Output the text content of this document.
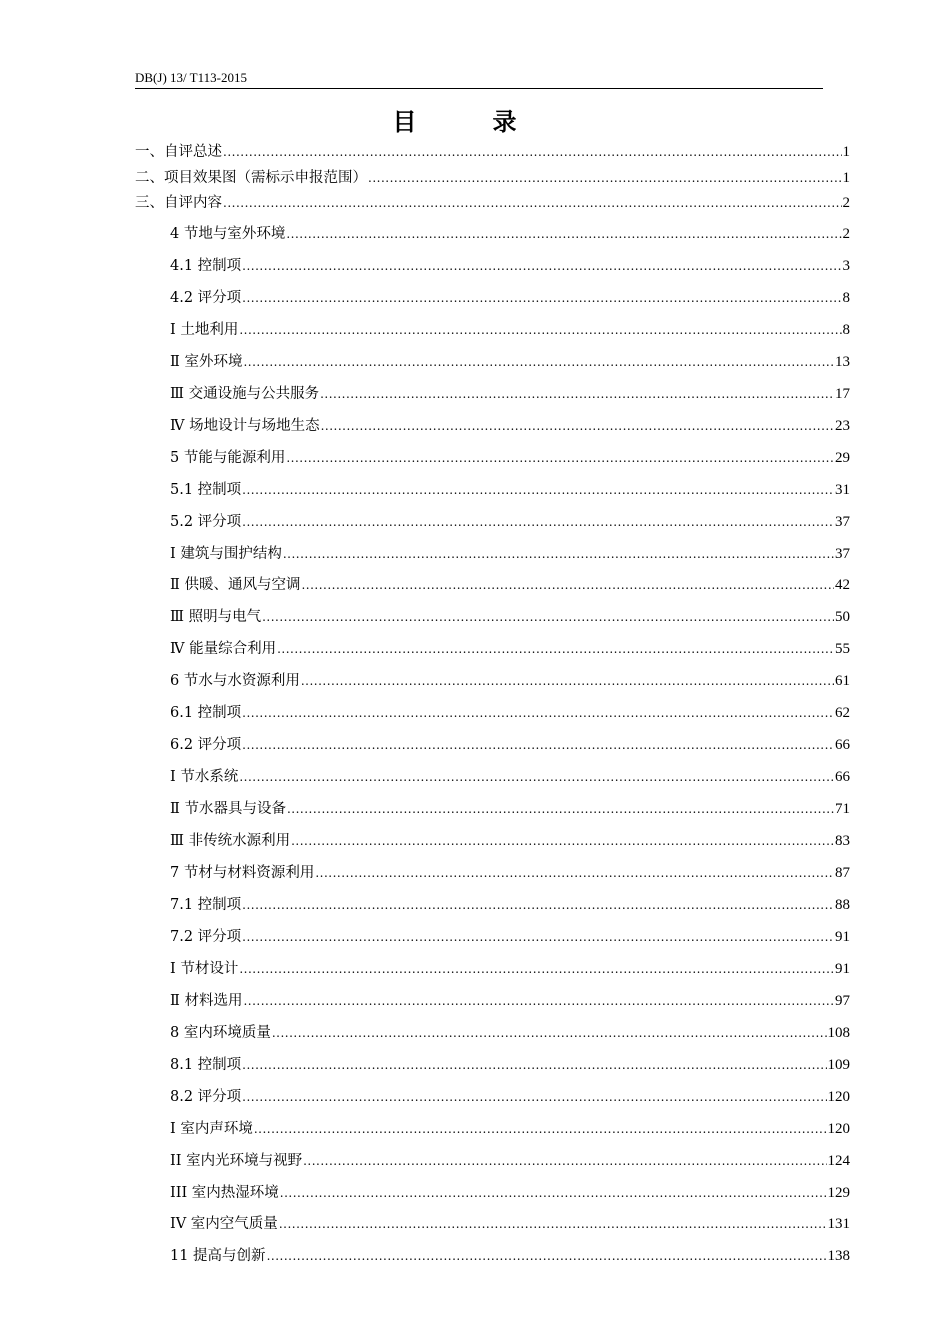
DB(J) 13/ T113-2015
目录
一、自评总述 .....	1
二、项目效果图（需标示申报范围） .....	1
三、自评内容 .....	2
4 节地与室外环境 .....	2
4.1 控制项 .....	3
4.2 评分项 .....	8
I 土地利用 .....	8
Ⅱ 室外环境 .....	13
Ⅲ 交通设施与公共服务 .....	17
Ⅳ 场地设计与场地生态 .....	23
5 节能与能源利用 .....	29
5.1 控制项 .....	31
5.2 评分项 .....	37
I 建筑与围护结构 .....	37
Ⅱ 供暖、通风与空调 .....	42
Ⅲ 照明与电气 .....	50
Ⅳ 能量综合利用 .....	55
6 节水与水资源利用 .....	61
6.1 控制项 .....	62
6.2 评分项 .....	66
I 节水系统 .....	66
Ⅱ 节水器具与设备 .....	71
Ⅲ 非传统水源利用 .....	83
7 节材与材料资源利用 .....	87
7.1 控制项 .....	88
7.2 评分项 .....	91
I 节材设计 .....	91
Ⅱ 材料选用 .....	97
8 室内环境质量 .....	108
8.1 控制项 .....	109
8.2 评分项 .....	120
I 室内声环境 .....	120
II 室内光环境与视野 .....	124
III 室内热湿环境 .....	129
IV 室内空气质量 .....	131
11 提高与创新 .....	138
